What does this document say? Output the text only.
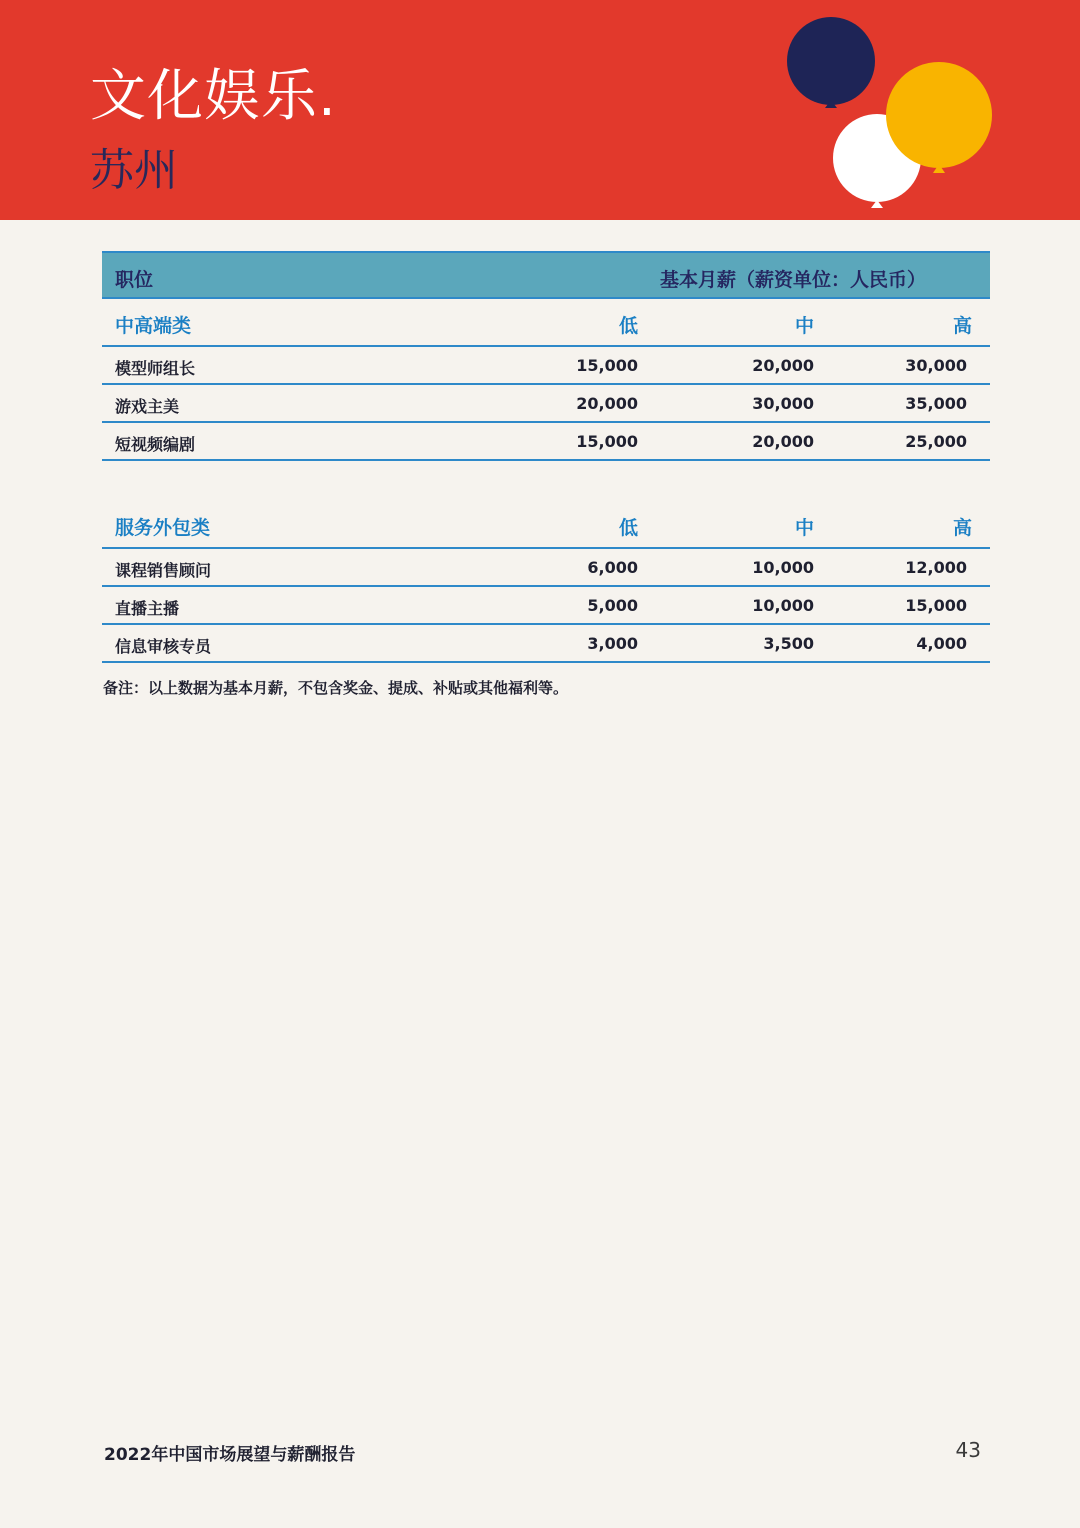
文化娱乐.
苏州
职位	基本月薪（薪资单位：人民币）
中高端类	低	中	高
模型师组长	15,000	20,000	30,000
游戏主美	20,000	30,000	35,000
短视频编剧	15,000	20,000	25,000
服务外包类	低	中	高
课程销售顾问	6,000	10,000	12,000
直播主播	5,000	10,000	15,000
信息审核专员	3,000	3,500	4,000
备注：以上数据为基本月薪，不包含奖金、提成、补贴或其他福利等。
2022年中国市场展望与薪酬报告	43
